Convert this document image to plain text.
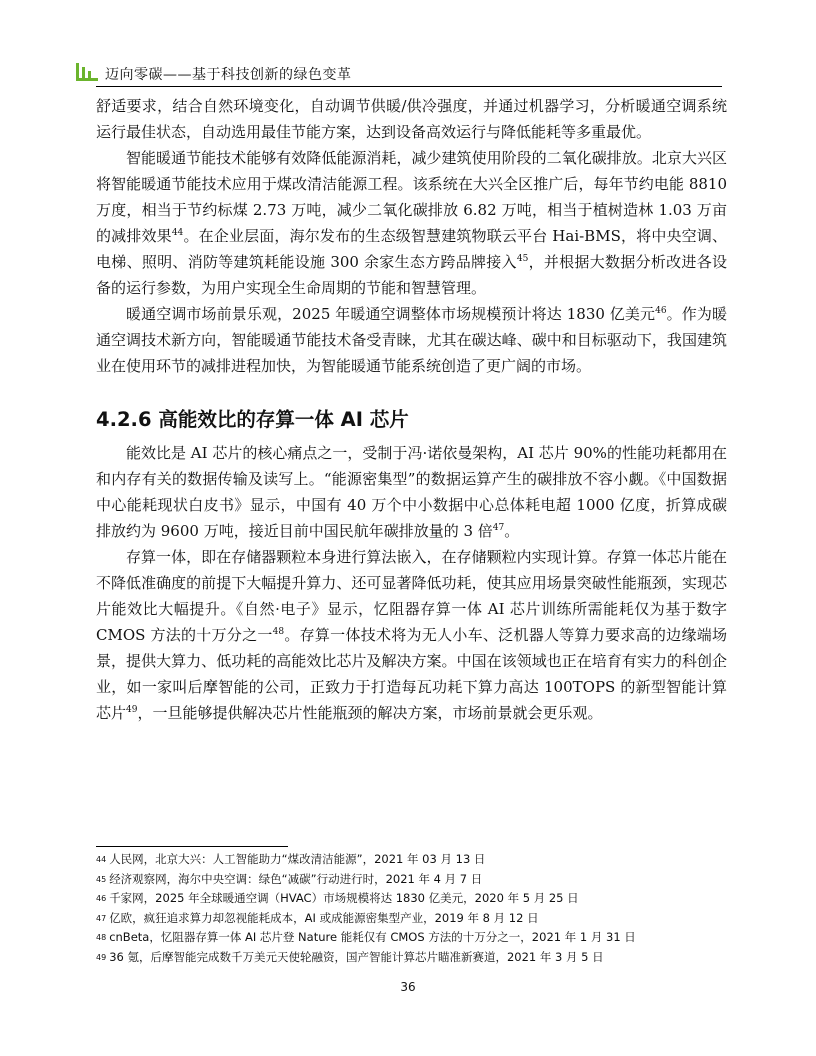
迈向零碳——基于科技创新的绿色变革

舒适要求，结合自然环境变化，自动调节供暖/供冷强度，并通过机器学习，分析暖通空调系统运行最佳状态，自动选用最佳节能方案，达到设备高效运行与降低能耗等多重最优。

智能暖通节能技术能够有效降低能源消耗，减少建筑使用阶段的二氧化碳排放。北京大兴区将智能暖通节能技术应用于煤改清洁能源工程。该系统在大兴全区推广后，每年节约电能 8810 万度，相当于节约标煤 2.73 万吨，减少二氧化碳排放 6.82 万吨，相当于植树造林 1.03 万亩的减排效果$^{44}$。在企业层面，海尔发布的生态级智慧建筑物联云平台 Hai-BMS，将中央空调、电梯、照明、消防等建筑耗能设施 300 余家生态方跨品牌接入$^{45}$，并根据大数据分析改进各设备的运行参数，为用户实现全生命周期的节能和智慧管理。

暖通空调市场前景乐观，2025 年暖通空调整体市场规模预计将达 1830 亿美元$^{46}$。作为暖通空调技术新方向，智能暖通节能技术备受青睐，尤其在碳达峰、碳中和目标驱动下，我国建筑业在使用环节的减排进程加快，为智能暖通节能系统创造了更广阔的市场。

4.2.6 高能效比的存算一体 AI 芯片

能效比是 AI 芯片的核心痛点之一，受制于冯·诺依曼架构，AI 芯片 90%的性能功耗都用在和内存有关的数据传输及读写上。“能源密集型”的数据运算产生的碳排放不容小觑。《中国数据中心能耗现状白皮书》显示，中国有 40 万个中小数据中心总体耗电超 1000 亿度，折算成碳排放约为 9600 万吨，接近目前中国民航年碳排放量的 3 倍$^{47}$。

存算一体，即在存储器颗粒本身进行算法嵌入，在存储颗粒内实现计算。存算一体芯片能在不降低准确度的前提下大幅提升算力、还可显著降低功耗，使其应用场景突破性能瓶颈，实现芯片能效比大幅提升。《自然·电子》显示，忆阻器存算一体 AI 芯片训练所需能耗仅为基于数字 CMOS 方法的十万分之一$^{48}$。存算一体技术将为无人小车、泛机器人等算力要求高的边缘端场景，提供大算力、低功耗的高能效比芯片及解决方案。中国在该领域也正在培育有实力的科创企业，如一家叫后摩智能的公司，正致力于打造每瓦功耗下算力高达 100TOPS 的新型智能计算芯片$^{49}$，一旦能够提供解决芯片性能瓶颈的解决方案，市场前景就会更乐观。

$^{44}$ 人民网，北京大兴：人工智能助力“煤改清洁能源”，2021 年 03 月 13 日
$^{45}$ 经济观察网，海尔中央空调：绿色“减碳”行动进行时，2021 年 4 月 7 日
$^{46}$ 千家网，2025 年全球暖通空调（HVAC）市场规模将达 1830 亿美元，2020 年 5 月 25 日
$^{47}$ 亿欧，疯狂追求算力却忽视能耗成本，AI 或成能源密集型产业，2019 年 8 月 12 日
$^{48}$ cnBeta，忆阻器存算一体 AI 芯片登 Nature 能耗仅有 CMOS 方法的十万分之一，2021 年 1 月 31 日
$^{49}$ 36 氪，后摩智能完成数千万美元天使轮融资，国产智能计算芯片瞄准新赛道，2021 年 3 月 5 日
36
